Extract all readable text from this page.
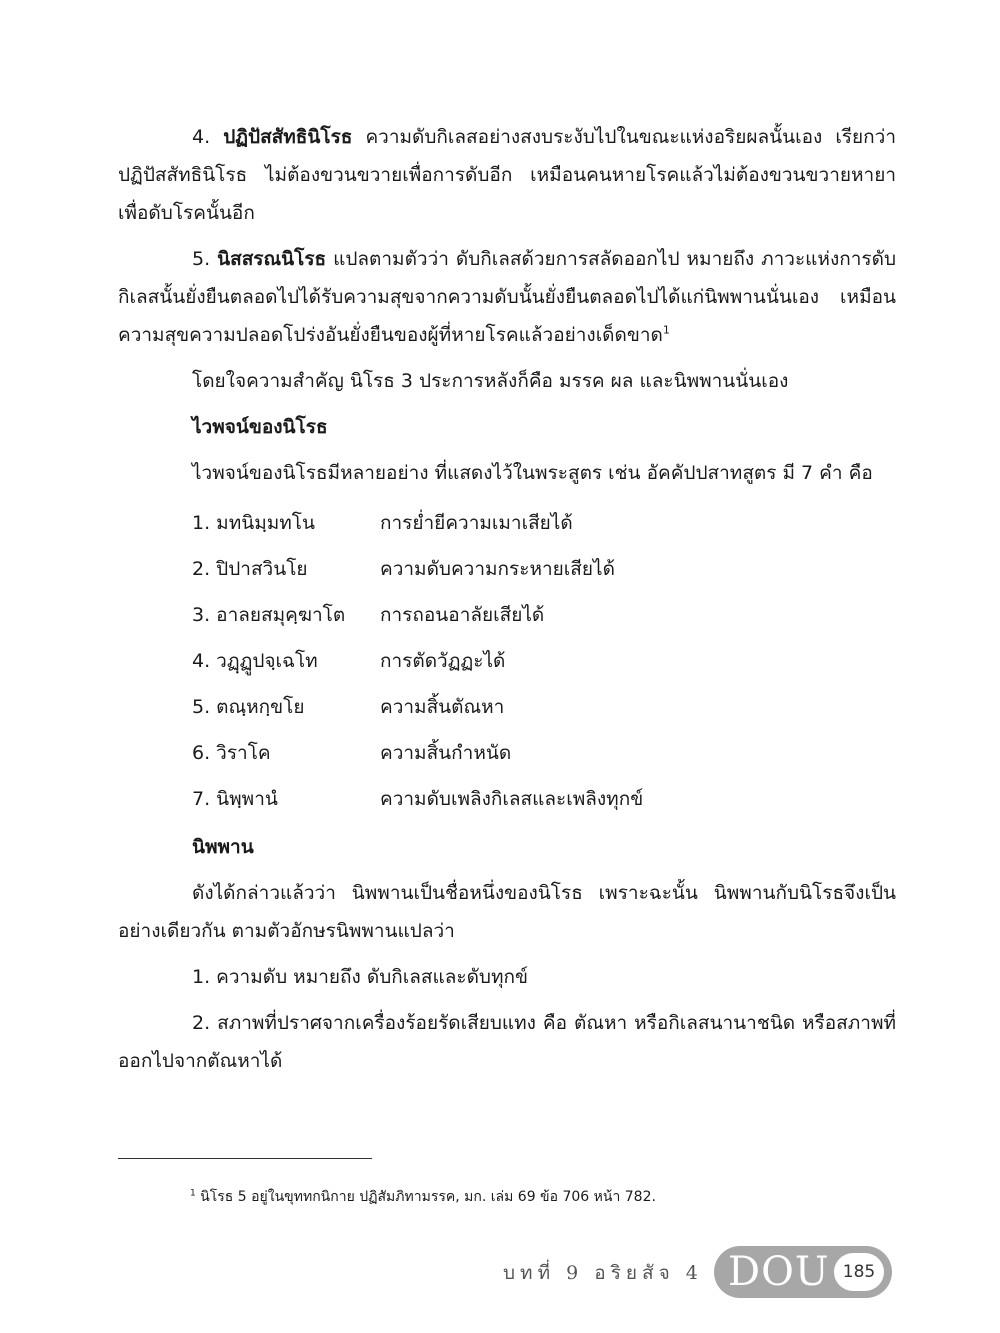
4. ปฏิปัสสัทธินิโรธ ความดับกิเลสอย่างสงบระงับไปในขณะแห่งอริยผลนั้นเอง เรียกว่า ปฏิปัสสัทธินิโรธ ไม่ต้องขวนขวายเพื่อการดับอีก เหมือนคนหายโรคแล้วไม่ต้องขวนขวายหายาเพื่อดับโรคนั้นอีก

5. นิสสรณนิโรธ แปลตามตัวว่า ดับกิเลสด้วยการสลัดออกไป หมายถึง ภาวะแห่งการดับกิเลสนั้นยั่งยืนตลอดไปได้รับความสุขจากความดับนั้นยั่งยืนตลอดไปได้แก่นิพพานนั่นเอง เหมือนความสุขความปลอดโปร่งอันยั่งยืนของผู้ที่หายโรคแล้วอย่างเด็ดขาด$^1$

โดยใจความสำคัญ นิโรธ 3 ประการหลังก็คือ มรรค ผล และนิพพานนั่นเอง

ไวพจน์ของนิโรธ

ไวพจน์ของนิโรธมีหลายอย่าง ที่แสดงไว้ในพระสูตร เช่น อัคคัปปสาทสูตร มี 7 คำ คือ

1. มทนิมฺมทโน	การย่ำยีความเมาเสียได้
2. ปิปาสวินโย	ความดับความกระหายเสียได้
3. อาลยสมุคฺฆาโต	การถอนอาลัยเสียได้
4. วฏฺฏูปจฺเฉโท	การตัดวัฏฏะได้
5. ตณฺหกฺขโย	ความสิ้นตัณหา
6. วิราโค	ความสิ้นกำหนัด
7. นิพฺพานํ	ความดับเพลิงกิเลสและเพลิงทุกข์

นิพพาน

ดังได้กล่าวแล้วว่า นิพพานเป็นชื่อหนึ่งของนิโรธ เพราะฉะนั้น นิพพานกับนิโรธจึงเป็นอย่างเดียวกัน ตามตัวอักษรนิพพานแปลว่า

1. ความดับ หมายถึง ดับกิเลสและดับทุกข์

2. สภาพที่ปราศจากเครื่องร้อยรัดเสียบแทง คือ ตัณหา หรือกิเลสนานาชนิด หรือสภาพที่ออกไปจากตัณหาได้

$^1$ นิโรธ 5 อยู่ในขุททกนิกาย ปฏิสัมภิทามรรค, มก. เล่ม 69 ข้อ 706 หน้า 782.
บทที่ 9 อริยสัจ 4 DOU 185
